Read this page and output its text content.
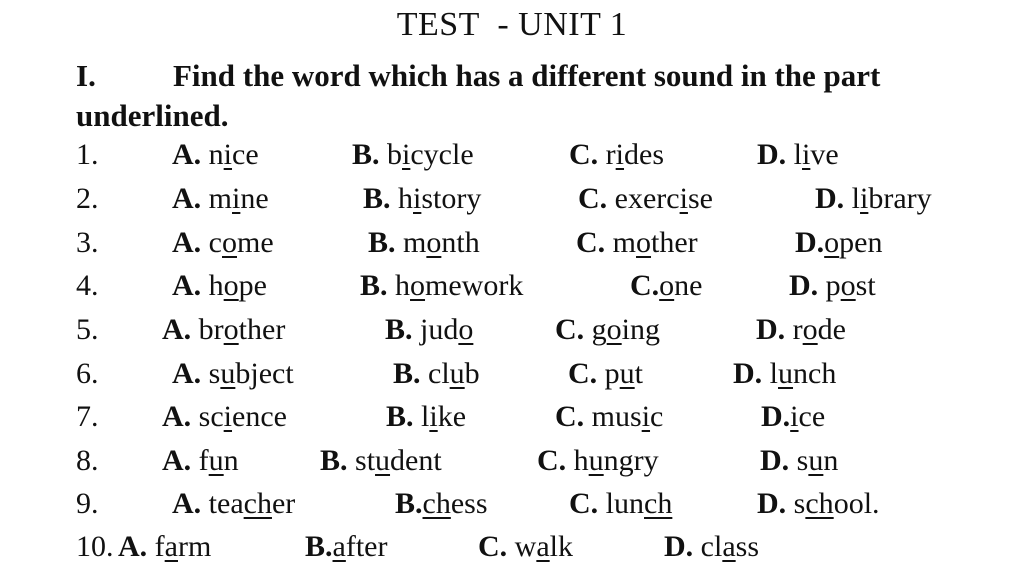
TEST  - UNIT 1
I. Find the word which has a different sound in the part
underlined.
1. A. nice	B. bicycle	C. rides	D. live
2. A. mine	B. history	C. exercise	D. library
3. A. come	B. month	C. mother	D.open
4. A. hope	B. homework	C.one	D. post
5. A. brother	B. judo	C. going	D. rode
6. A. subject	B. club	C. put	D. lunch
7. A. science	B. like	C. music	D.ice
8. A. fun	B. student	C. hungry	D. sun
9. A. teacher	B.chess	C. lunch	D. school.
10. A. farm	B.after	C. walk	D. class
